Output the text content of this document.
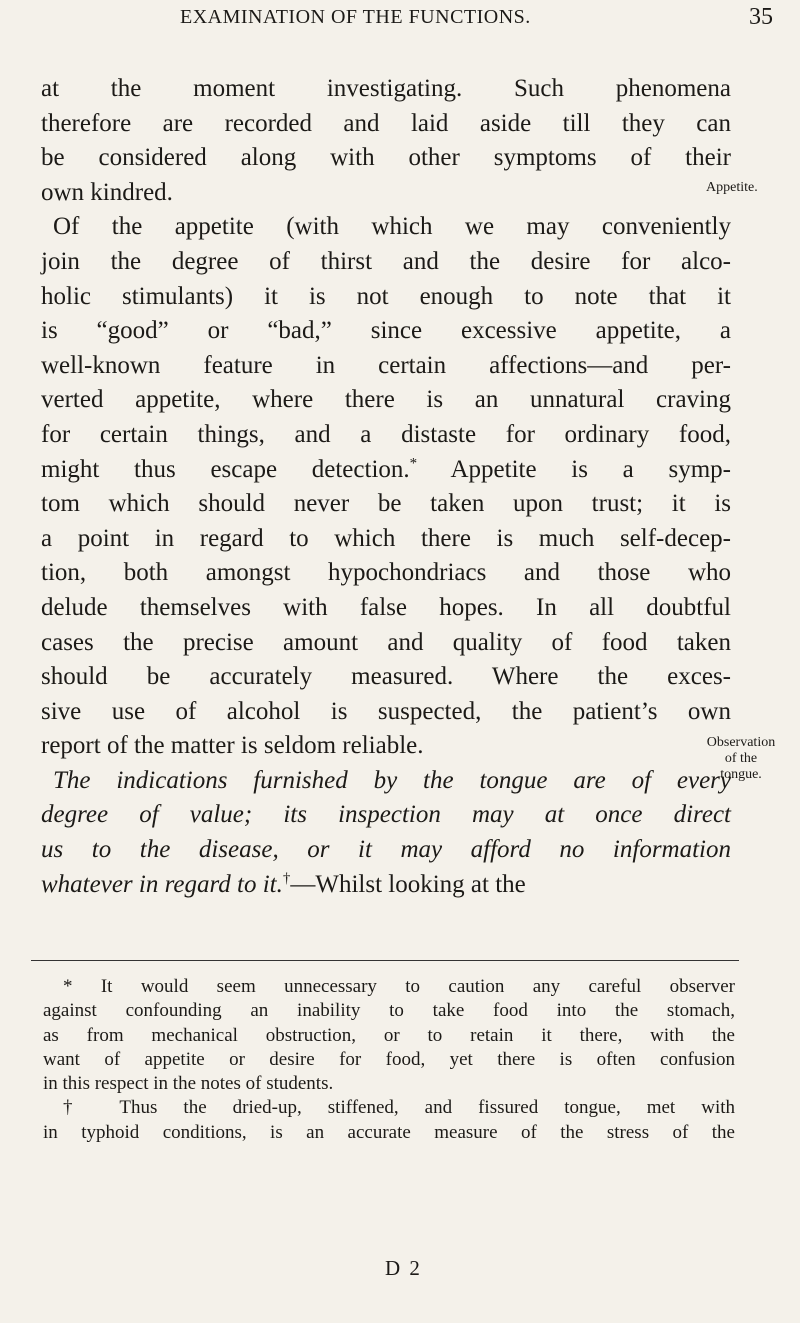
EXAMINATION OF THE FUNCTIONS.	35
at the moment investigating. Such phenomena
therefore are recorded and laid aside till they can
be considered along with other symptoms of their
own kindred.
Of the appetite (with which we may conveniently
join the degree of thirst and the desire for alco-
holic stimulants) it is not enough to note that it
is “good” or “bad,” since excessive appetite, a
well-known feature in certain affections—and per-
verted appetite, where there is an unnatural craving
for certain things, and a distaste for ordinary food,
might thus escape detection.* Appetite is a symp-
tom which should never be taken upon trust; it is
a point in regard to which there is much self-decep-
tion, both amongst hypochondriacs and those who
delude themselves with false hopes. In all doubtful
cases the precise amount and quality of food taken
should be accurately measured. Where the exces-
sive use of alcohol is suspected, the patient’s own
report of the matter is seldom reliable.
The indications furnished by the tongue are of every
degree of value; its inspection may at once direct
us to the disease, or it may afford no information
whatever in regard to it.†—Whilst looking at the
Appetite.
Observation
of the
tongue.
* It would seem unnecessary to caution any careful observer
against confounding an inability to take food into the stomach,
as from mechanical obstruction, or to retain it there, with the
want of appetite or desire for food, yet there is often confusion
in this respect in the notes of students.
† Thus the dried-up, stiffened, and fissured tongue, met with
in typhoid conditions, is an accurate measure of the stress of the
D 2
